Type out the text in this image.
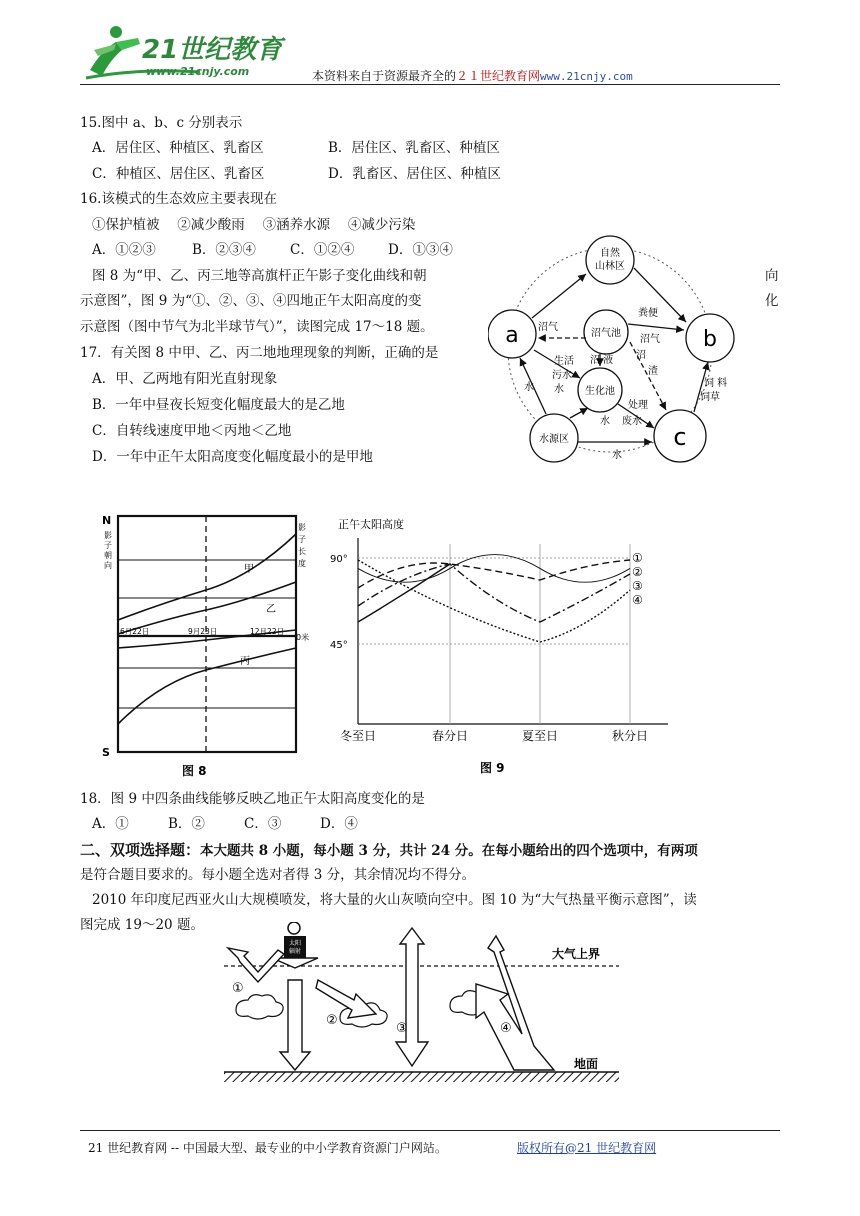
21世纪教育
www.21cnjy.com	本资料来自于资源最齐全的２１世纪教育网www.21cnjy.com
15.图中 a、b、c 分别表示
A．居住区、种植区、乳畜区	B．居住区、乳畜区、种植区
C．种植区、居住区、乳畜区	D．乳畜区、居住区、种植区
16.该模式的生态效应主要表现在
①保护植被　 ②减少酸雨　 ③涵养水源　 ④减少污染
A．①②③	B．②③④	C．①②④ D．①③④
图 8 为“甲、乙、丙三地等高旗杆正午影子变化曲线和朝	向
示意图”，图 9 为“①、②、③、④四地正午太阳高度的变	化
示意图（图中节气为北半球节气）”，读图完成 17～18 题。
17．有关图 8 中甲、乙、丙二地地理现象的判断，正确的是
A．甲、乙两地有阳光直射现象
B．一年中昼夜长短变化幅度最大的是乙地
C．自转线速度甲地＜丙地＜乙地
D．一年中正午太阳高度变化幅度最小的是甲地
自然
山林区
a	b
水源区	c
沼气池
生化池
粪便
沼气
沼气
沼
渣
沼 液
生活
污水
水
水
水
水
处理
废水
饲 料
饲草
N
S
影
子
朝
向
影
子
长
度
甲
乙
丙
0米
6月22日	9月23日	12月22日
图 8
正午太阳高度
90°
45°
①
②
③
④
冬至日	春分日	夏至日	秋分日
图 9
18．图 9 中四条曲线能够反映乙地正午太阳高度变化的是
A．①	B．②	C．③	D．④
二、双项选择题：本大题共 8 小题，每小题 3 分，共计 24 分。在每小题给出的四个选项中，有两项
是符合题目要求的。每小题全选对者得 3 分，其余情况均不得分。
2010 年印度尼西亚火山大规模喷发，将大量的火山灰喷向空中。图 10 为“大气热量平衡示意图”，读
图完成 19～20 题。
大气上界
地面
太阳
辐射
①
②
③	④
21 世纪教育网 -- 中国最大型、最专业的中小学教育资源门户网站。	版权所有@21 世纪教育网
